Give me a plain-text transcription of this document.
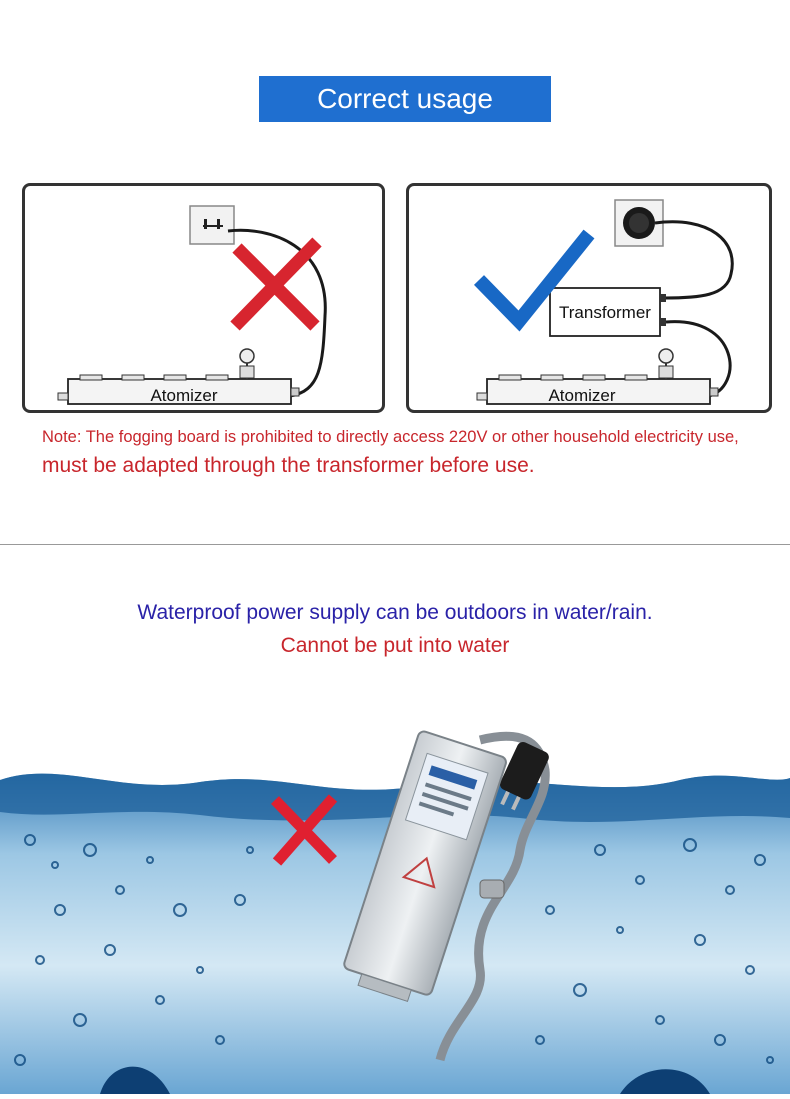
Correct usage
Atomizer
Transformer
Atomizer
Note: The fogging board is prohibited to directly access 220V or other household electricity use,
must be adapted through the transformer before use.
Waterproof power supply can be outdoors in water/rain.
Cannot be put into water
